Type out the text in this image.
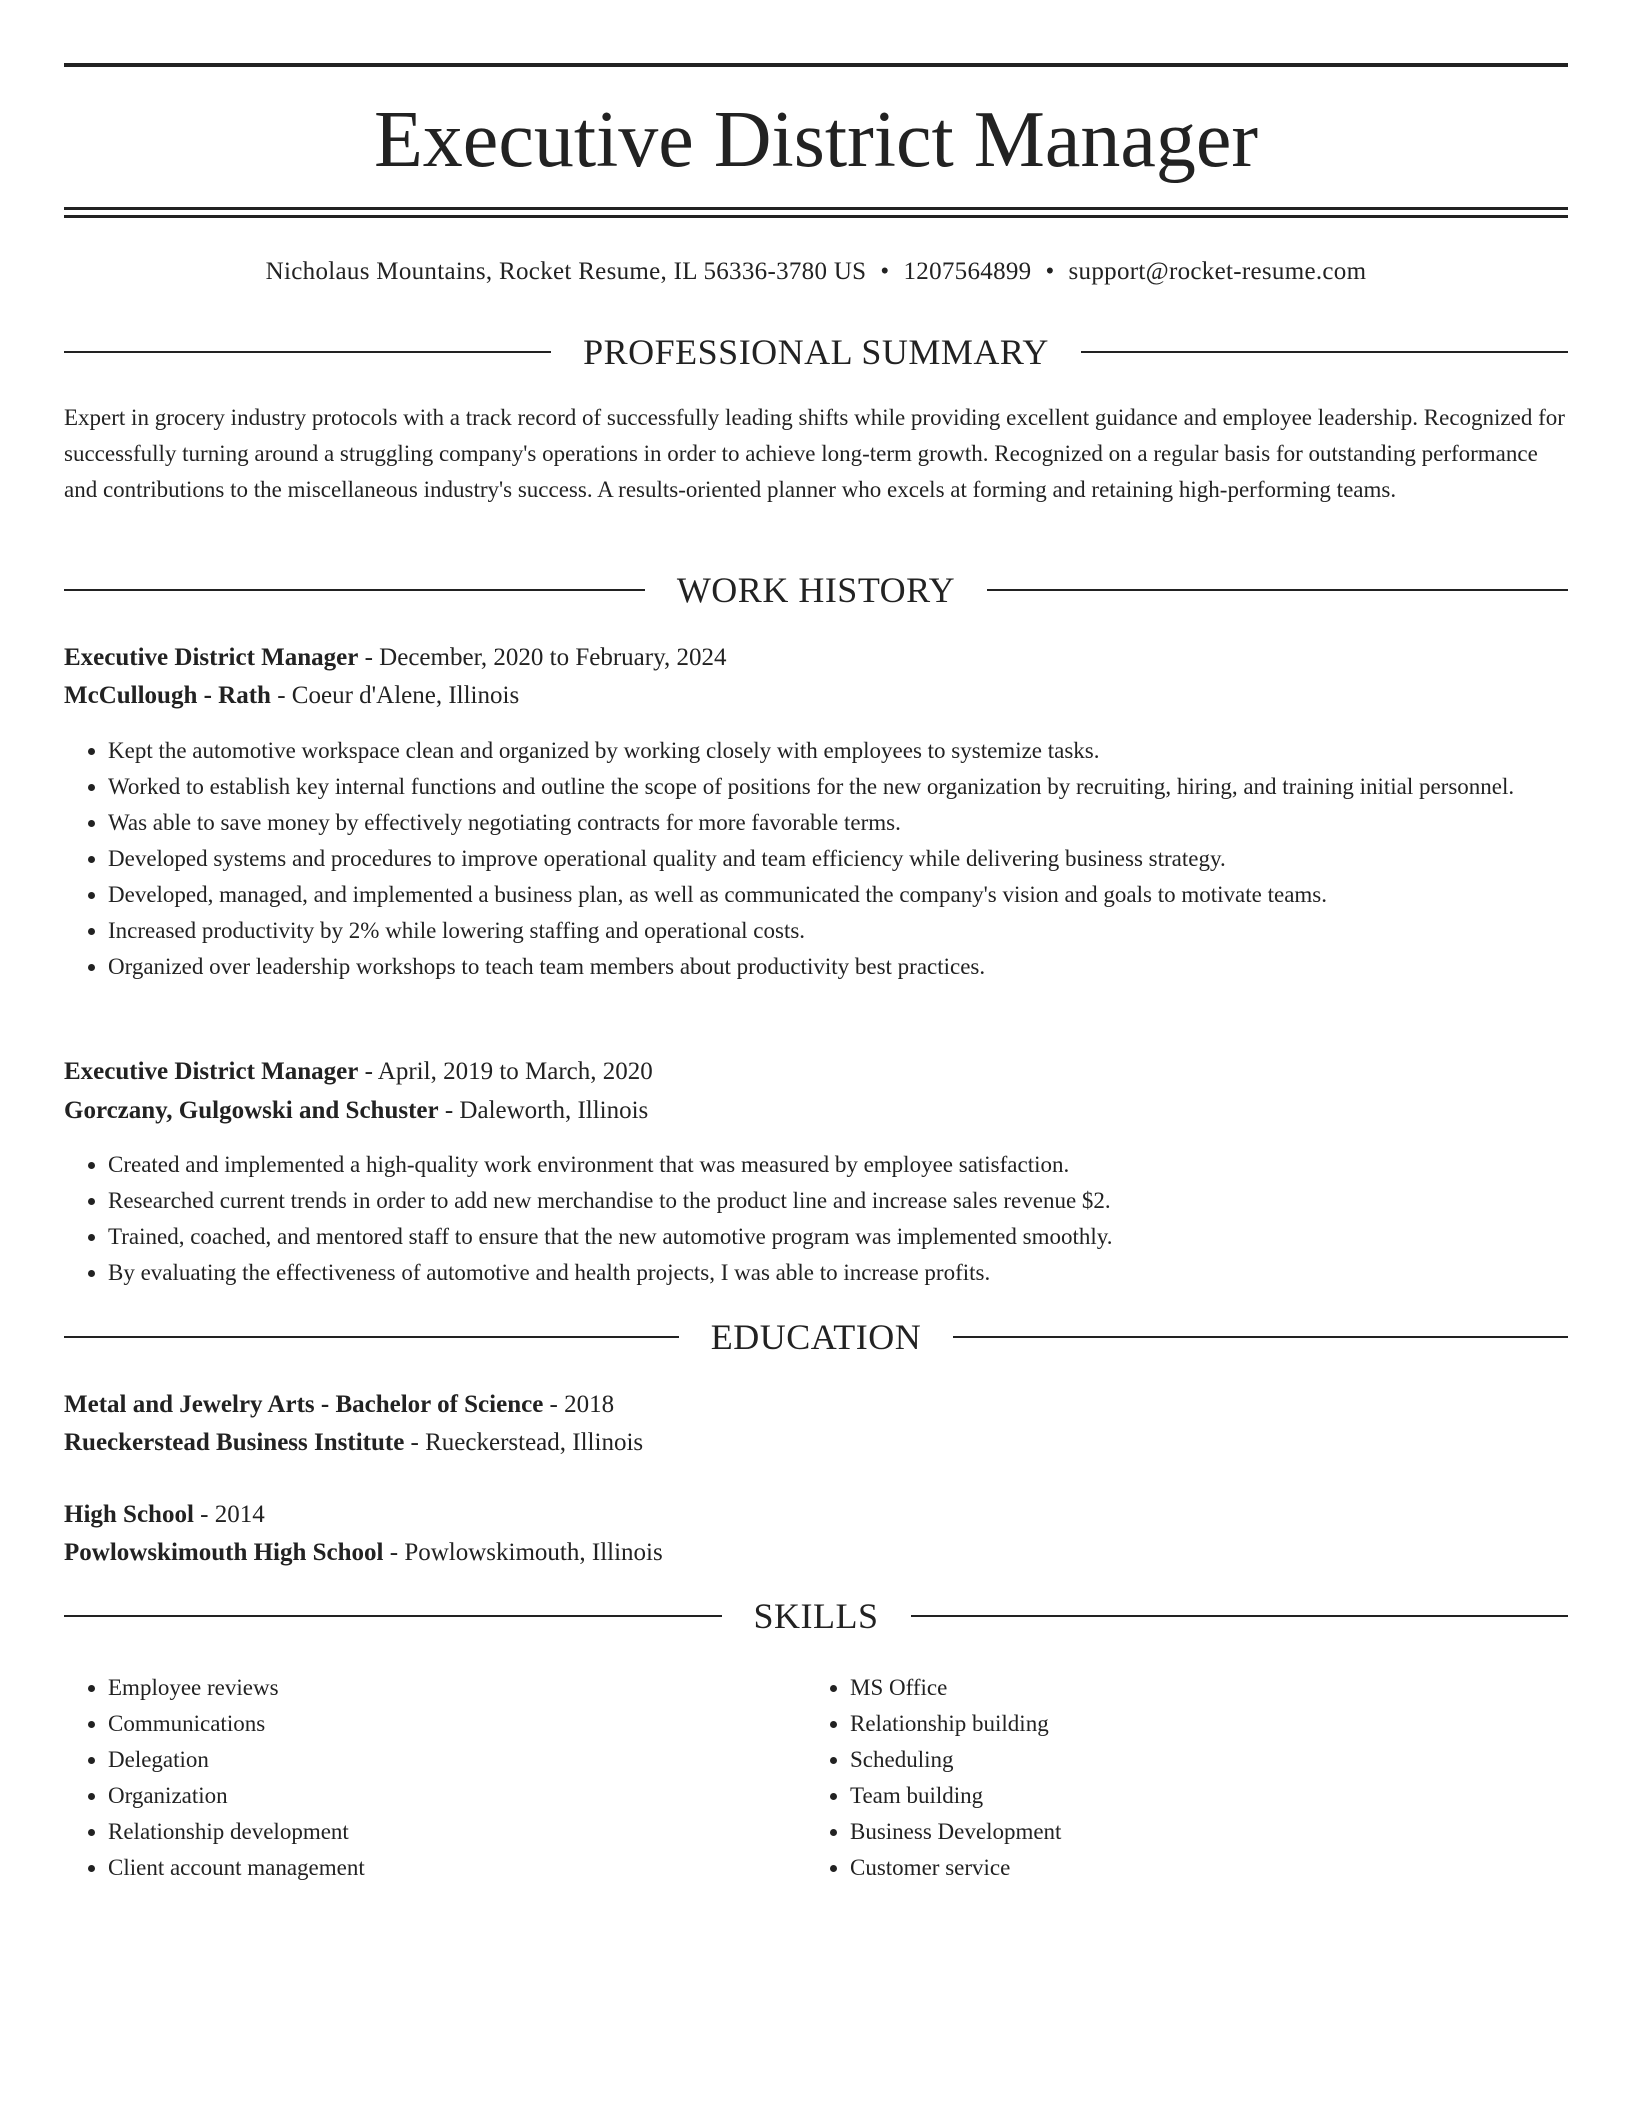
Executive District Manager
Nicholaus Mountains, Rocket Resume, IL 56336-3780 US • 1207564899 • support@rocket-resume.com
PROFESSIONAL SUMMARY

Expert in grocery industry protocols with a track record of successfully leading shifts while providing excellent guidance and employee leadership. Recognized for successfully turning around a struggling company's operations in order to achieve long-term growth. Recognized on a regular basis for outstanding performance and contributions to the miscellaneous industry's success. A results-oriented planner who excels at forming and retaining high-performing teams.

WORK HISTORY

Executive District Manager - December, 2020 to February, 2024

McCullough - Rath - Coeur d'Alene, Illinois

• Kept the automotive workspace clean and organized by working closely with employees to systemize tasks.
• Worked to establish key internal functions and outline the scope of positions for the new organization by recruiting, hiring, and training initial personnel.
• Was able to save money by effectively negotiating contracts for more favorable terms.
• Developed systems and procedures to improve operational quality and team efficiency while delivering business strategy.
• Developed, managed, and implemented a business plan, as well as communicated the company's vision and goals to motivate teams.
• Increased productivity by 2% while lowering staffing and operational costs.
• Organized over leadership workshops to teach team members about productivity best practices.

Executive District Manager - April, 2019 to March, 2020

Gorczany, Gulgowski and Schuster - Daleworth, Illinois

• Created and implemented a high-quality work environment that was measured by employee satisfaction.
• Researched current trends in order to add new merchandise to the product line and increase sales revenue $2.
• Trained, coached, and mentored staff to ensure that the new automotive program was implemented smoothly.
• By evaluating the effectiveness of automotive and health projects, I was able to increase profits.
EDUCATION

Metal and Jewelry Arts - Bachelor of Science - 2018

Rueckerstead Business Institute - Rueckerstead, Illinois

High School - 2014

Powlowskimouth High School - Powlowskimouth, Illinois

SKILLS
• Employee reviews
• Communications
• Delegation
• Organization
• Relationship development
• Client account management
• MS Office
• Relationship building
• Scheduling
• Team building
• Business Development
• Customer service
